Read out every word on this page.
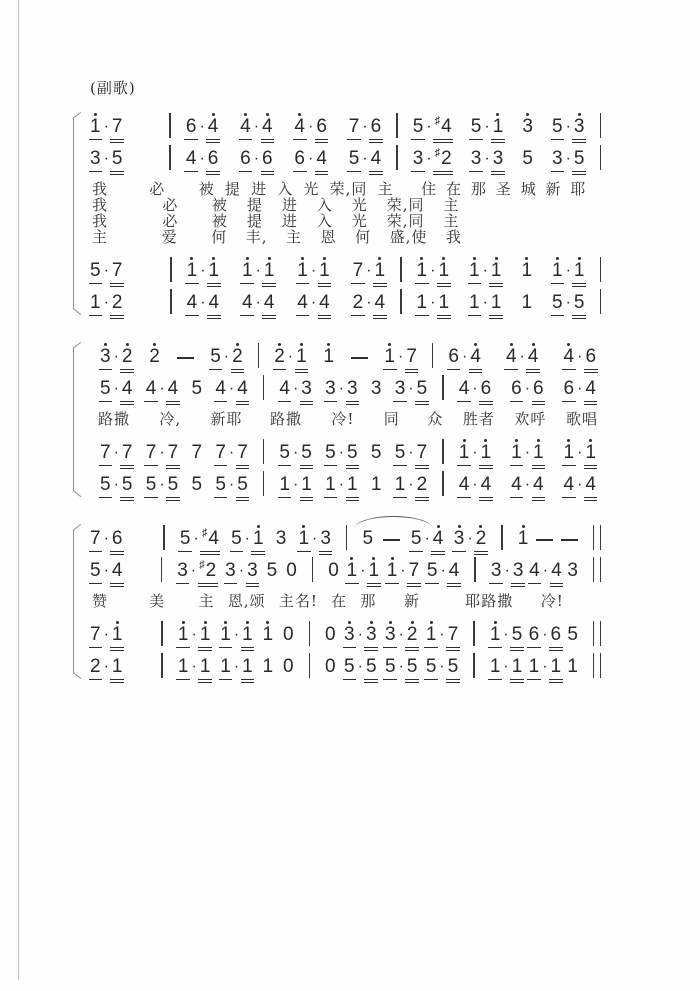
(副歌)
1 · 7	6 · 4 4 · 4 4 · 6 7 · 6 5 · ♯ 4 5 · 1 3 5 · 3
3 · 5	4 · 6 6 · 6 6 · 4 5 · 4 3 · ♯ 2 3 · 3 5 3 · 5
我	必 被 提 进 入 光 荣,同 主 住 在 那 圣 城 新 耶
我	必 被 提 进 入 光 荣,同 主
我	必 被 提 进 入 光 荣,同 主
主	爱 何 丰, 主 恩 何 盛,使 我
5 · 7	1 · 1 1 · 1 1 · 1 7 · 1 1 · 1 1 · 1 1 1 · 1
1 · 2	4 · 4 4 · 4 4 · 4 2 · 4 1 · 1 1 · 1 1 5 · 5
3 · 2 2	5 · 2 2 · 1 1	1 · 7 6 · 4 4 · 4 4 · 6
5 · 4 4 · 4 5 4 · 4 4 · 3 3 · 3 3 3 · 5 4 · 6 6 · 6 6 · 4
路撒 冷, 新耶 路撒 冷! 同 众 胜者 欢呼 歌唱
7 · 7 7 · 7 7 7 · 7 5 · 5 5 · 5 5 5 · 7 1 · 1 1 · 1 1 · 1
5 · 5 5 · 5 5 5 · 5 1 · 1 1 · 1 1 1 · 2 4 · 4 4 · 4 4 · 4
7 · 6	5 · ♯ 4 5 · 1 3 1 · 3 5 5 · 4 3 · 2 1
5 · 4	3 · ♯ 2 3 · 3 5 0 0 1 · 1 1 · 7 5 · 4 3 · 3 4 · 4 3
赞	美 主 恩,颂 主名! 在 那 新	耶路撒 冷!
7 · 1	1 · 1 1 · 1 1 0 0 3 · 3 3 · 2 1 · 7 1 · 5 6 · 6 5
2 · 1	1 · 1 1 · 1 1 0 0 5 · 5 5 · 5 5 · 5 1 · 1 1 · 1 1
